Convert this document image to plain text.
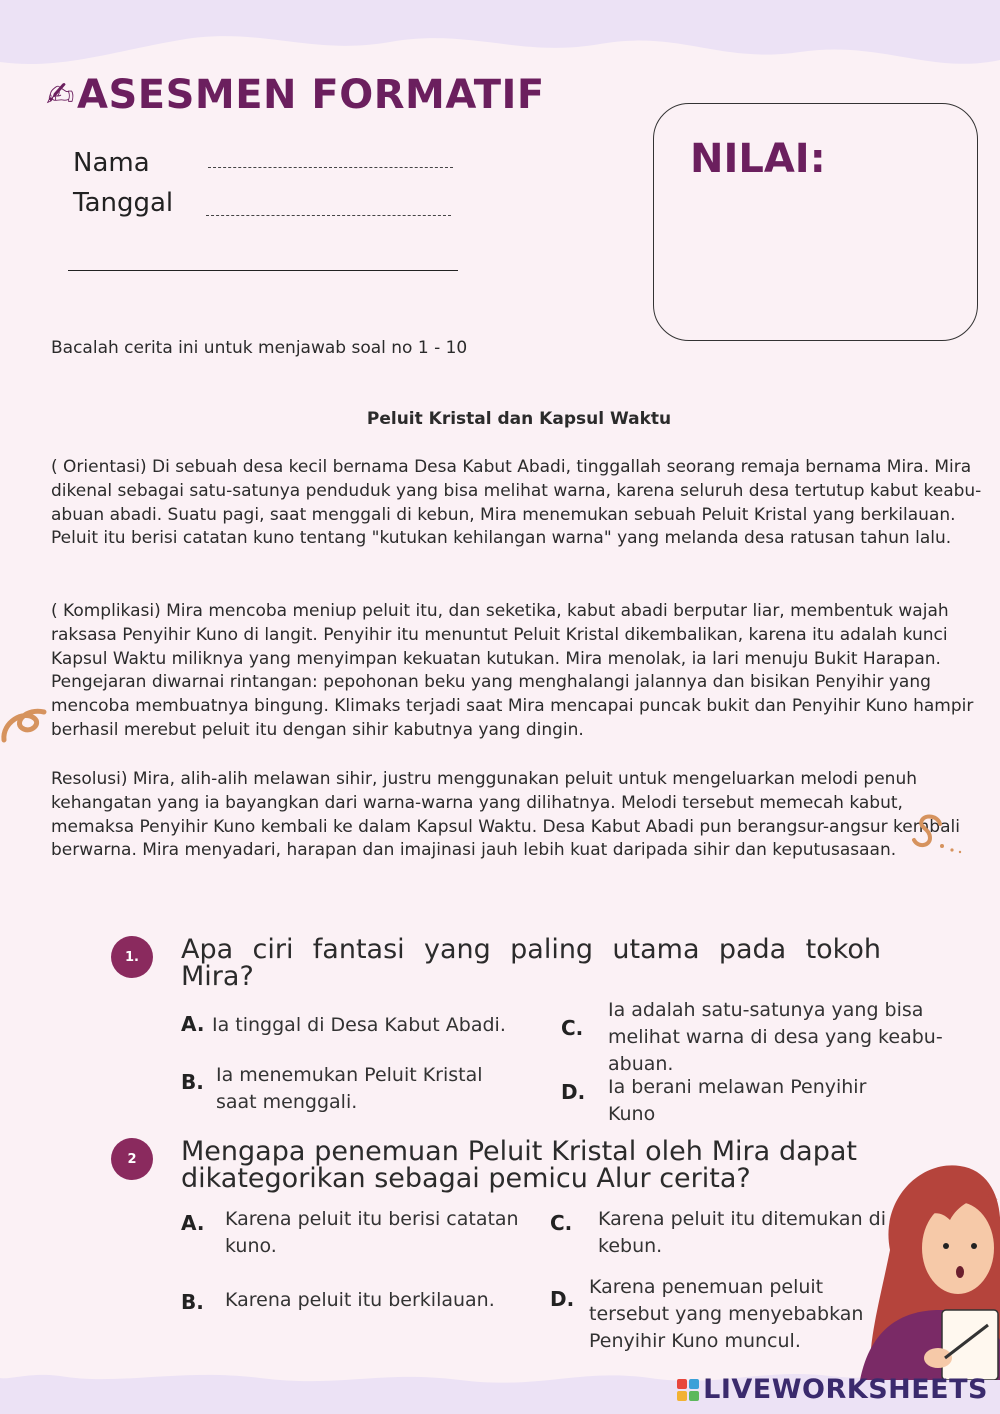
✍ ASESMEN FORMATIF
Nama
Tanggal
NILAI:
Bacalah cerita ini untuk menjawab soal no 1 - 10
Peluit Kristal dan Kapsul Waktu
( Orientasi) Di sebuah desa kecil bernama Desa Kabut Abadi, tinggallah seorang remaja bernama Mira. Mira dikenal sebagai satu-satunya penduduk yang bisa melihat warna, karena seluruh desa tertutup kabut keabu-abuan abadi. Suatu pagi, saat menggali di kebun, Mira menemukan sebuah Peluit Kristal yang berkilauan. Peluit itu berisi catatan kuno tentang "kutukan kehilangan warna" yang melanda desa ratusan tahun lalu.
( Komplikasi) Mira mencoba meniup peluit itu, dan seketika, kabut abadi berputar liar, membentuk wajah raksasa Penyihir Kuno di langit. Penyihir itu menuntut Peluit Kristal dikembalikan, karena itu adalah kunci Kapsul Waktu miliknya yang menyimpan kekuatan kutukan. Mira menolak, ia lari menuju Bukit Harapan. Pengejaran diwarnai rintangan: pepohonan beku yang menghalangi jalannya dan bisikan Penyihir yang mencoba membuatnya bingung. Klimaks terjadi saat Mira mencapai puncak bukit dan Penyihir Kuno hampir berhasil merebut peluit itu dengan sihir kabutnya yang dingin.
Resolusi) Mira, alih-alih melawan sihir, justru menggunakan peluit untuk mengeluarkan melodi penuh kehangatan yang ia bayangkan dari warna-warna yang dilihatnya. Melodi tersebut memecah kabut, memaksa Penyihir Kuno kembali ke dalam Kapsul Waktu. Desa Kabut Abadi pun berangsur-angsur kembali berwarna. Mira menyadari, harapan dan imajinasi jauh lebih kuat daripada sihir dan keputusasaan.
1.	Apa ciri fantasi yang paling utama pada tokoh Mira?
A. Ia tinggal di Desa Kabut Abadi.
B. Ia menemukan Peluit Kristal saat menggali.
C.
Ia adalah satu-satunya yang bisa melihat warna di desa yang keabu-abuan.
D. Ia berani melawan Penyihir Kuno
2	Mengapa penemuan Peluit Kristal oleh Mira dapat dikategorikan sebagai pemicu Alur cerita?
A. Karena peluit itu berisi catatan kuno.
B. Karena peluit itu berkilauan.
C. Karena peluit itu ditemukan di kebun.
D. Karena penemuan peluit tersebut yang menyebabkan Penyihir Kuno muncul.
LIVEWORKSHEETS
